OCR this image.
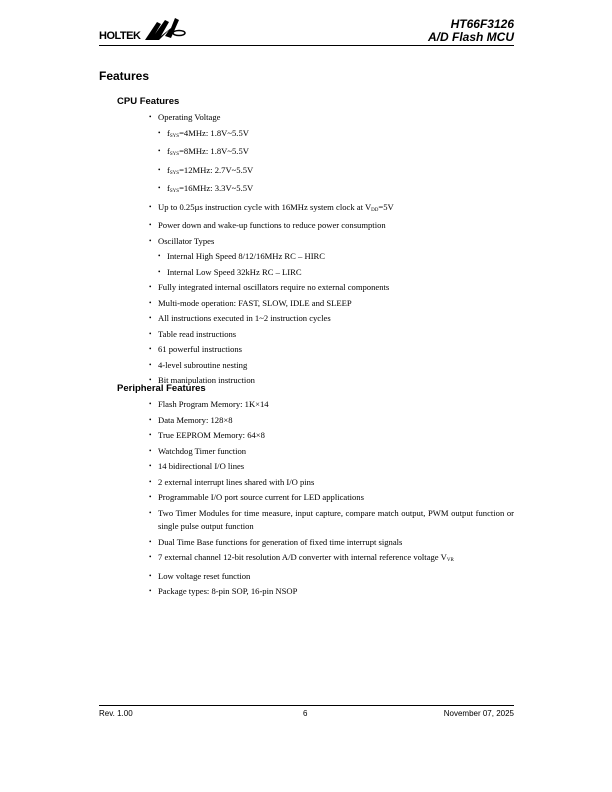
HOLTEK
HT66F3126
A/D Flash MCU
Features
CPU Features
• Operating Voltage
• $f_{SYS}=4MHz$: 1.8V~5.5V
• $f_{SYS}=8MHz$: 1.8V~5.5V
• $f_{SYS}=12MHz$: 2.7V~5.5V
• $f_{SYS}=16MHz$: 3.3V~5.5V
• Up to 0.25µs instruction cycle with 16MHz system clock at $V_{DD}=5V$
• Power down and wake-up functions to reduce power consumption
• Oscillator Types
• Internal High Speed 8/12/16MHz RC – HIRC
• Internal Low Speed 32kHz RC – LIRC
• Fully integrated internal oscillators require no external components
• Multi-mode operation: FAST, SLOW, IDLE and SLEEP
• All instructions executed in 1~2 instruction cycles
• Table read instructions
• 61 powerful instructions
• 4-level subroutine nesting
• Bit manipulation instruction
Peripheral Features
• Flash Program Memory: 1K×14
• Data Memory: 128×8
• True EEPROM Memory: 64×8
• Watchdog Timer function
• 14 bidirectional I/O lines
• 2 external interrupt lines shared with I/O pins
• Programmable I/O port source current for LED applications
• Two Timer Modules for time measure, input capture, compare match output, PWM output function or single pulse output function
• Dual Time Base functions for generation of fixed time interrupt signals
• 7 external channel 12-bit resolution A/D converter with internal reference voltage $V_{VR}$
• Low voltage reset function
• Package types: 8-pin SOP, 16-pin NSOP
Rev. 1.00	6	November 07, 2025
